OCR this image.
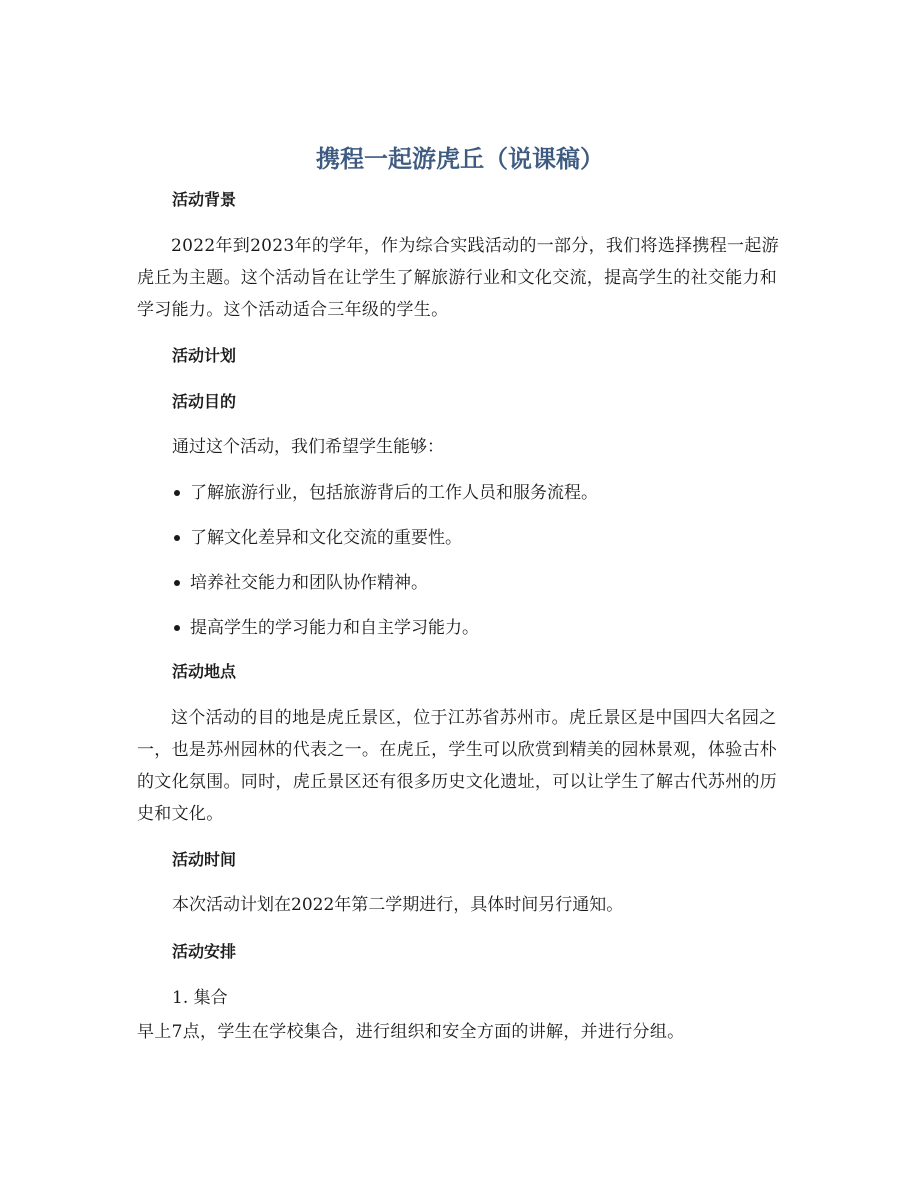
携程一起游虎丘（说课稿）
活动背景

2022年到2023年的学年，作为综合实践活动的一部分，我们将选择携程一起游虎丘为主题。这个活动旨在让学生了解旅游行业和文化交流，提高学生的社交能力和学习能力。这个活动适合三年级的学生。

活动计划
活动目的

通过这个活动，我们希望学生能够：

了解旅游行业，包括旅游背后的工作人员和服务流程。
了解文化差异和文化交流的重要性。
培养社交能力和团队协作精神。
提高学生的学习能力和自主学习能力。
活动地点

这个活动的目的地是虎丘景区，位于江苏省苏州市。虎丘景区是中国四大名园之一，也是苏州园林的代表之一。在虎丘，学生可以欣赏到精美的园林景观，体验古朴的文化氛围。同时，虎丘景区还有很多历史文化遗址，可以让学生了解古代苏州的历史和文化。

活动时间

本次活动计划在2022年第二学期进行，具体时间另行通知。

活动安排

1. 集合

早上7点，学生在学校集合，进行组织和安全方面的讲解，并进行分组。
